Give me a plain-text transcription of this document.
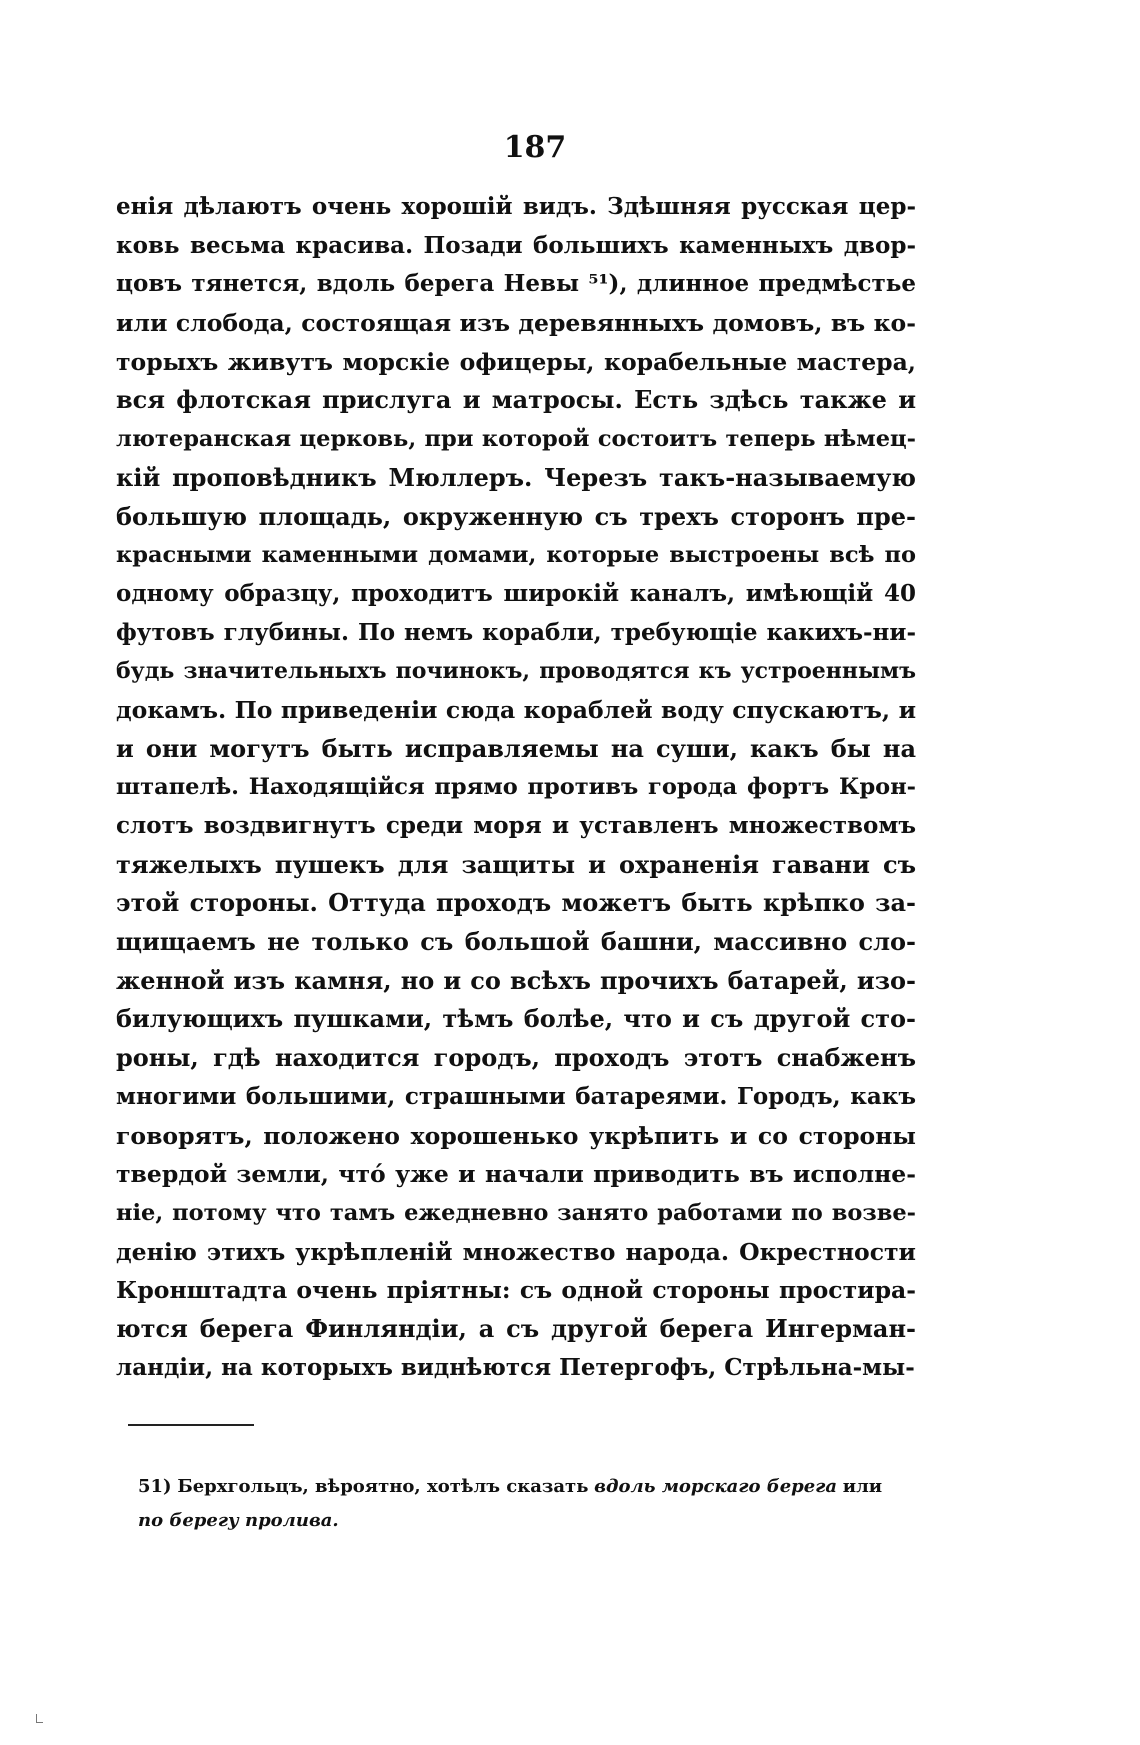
187
енія дѣлаютъ очень хорошій видъ. Здѣшняя русская цер-
ковь весьма красива. Позади большихъ каменныхъ двор-
цовъ тянется, вдоль берега Невы ⁵¹), длинное предмѣстье
или слобода, состоящая изъ деревянныхъ домовъ, въ ко-
торыхъ живутъ морскіе офицеры, корабельные мастера,
вся флотская прислуга и матросы. Есть здѣсь также и
лютеранская церковь, при которой состоитъ теперь нѣмец-
кій проповѣдникъ Мюллеръ. Черезъ такъ-называемую
большую площадь, окруженную съ трехъ сторонъ пре-
красными каменными домами, которые выстроены всѣ по
одному образцу, проходитъ широкій каналъ, имѣющій 40
футовъ глубины. По немъ корабли, требующіе какихъ-ни-
будь значительныхъ починокъ, проводятся къ устроеннымъ
докамъ. По приведеніи сюда кораблей воду спускаютъ, и
и они могутъ быть исправляемы на суши, какъ бы на
штапелѣ. Находящійся прямо противъ города фортъ Крон-
слотъ воздвигнутъ среди моря и уставленъ множествомъ
тяжелыхъ пушекъ для защиты и охраненія гавани съ
этой стороны. Оттуда проходъ можетъ быть крѣпко за-
щищаемъ не только съ большой башни, массивно сло-
женной изъ камня, но и со всѣхъ прочихъ батарей, изо-
билующихъ пушками, тѣмъ болѣе, что и съ другой сто-
роны, гдѣ находится городъ, проходъ этотъ снабженъ
многими большими, страшными батареями. Городъ, какъ
говорятъ, положено хорошенько укрѣпить и со стороны
твердой земли, чтó уже и начали приводить въ исполне-
ніе, потому что тамъ ежедневно занято работами по возве-
денію этихъ укрѣпленій множество народа. Окрестности
Кронштадта очень пріятны: съ одной стороны простира-
ются берега Финляндіи, а съ другой берега Ингерман-
ландіи, на которыхъ виднѣются Петергофъ, Стрѣльна-мы-
51) Берхгольцъ, вѣроятно, хотѣлъ сказать вдоль морскаго берега или
по берегу пролива.
